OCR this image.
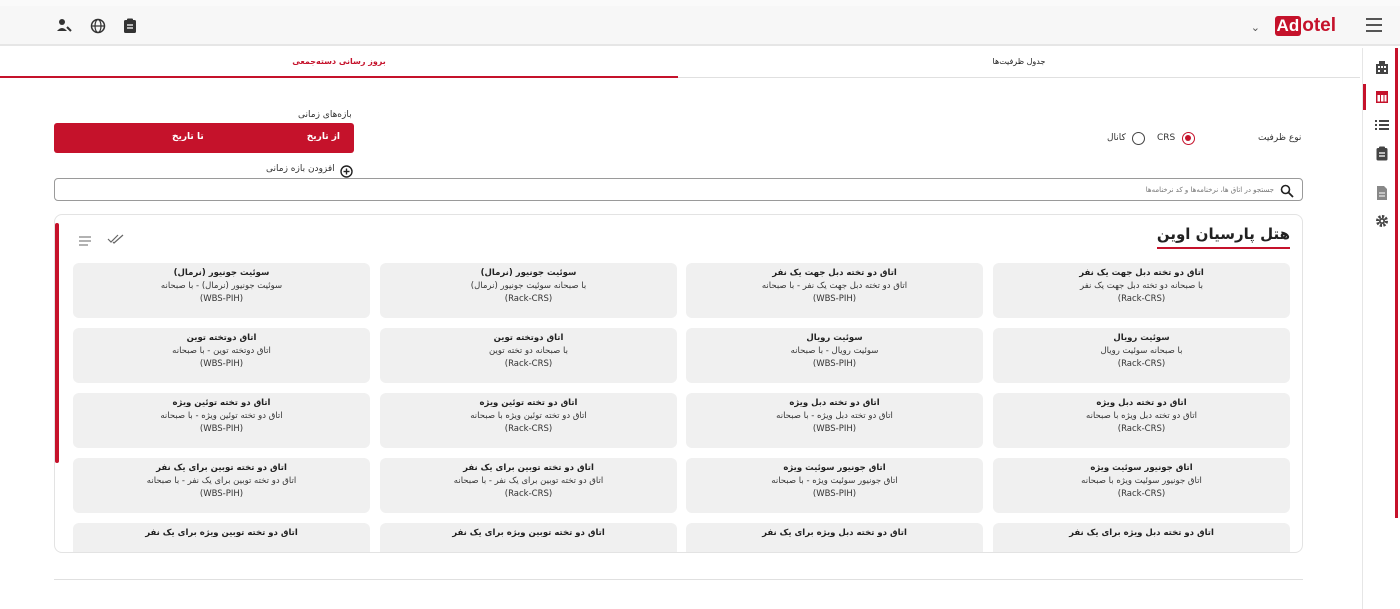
⌄ Ad otel
بروز رسانی دسته‌جمعی	جدول ظرفیت‌ها
بازه‌های زمانی
از تاریخ
تا تاریخ
افزودن بازه زمانی
نوع ظرفیت
CRS
کانال
جستجو در اتاق ها، نرخنامه‌ها و کد نرخنامه‌ها
هتل پارسیان اوین
اتاق دو تخته دبل جهت یک نفر
با صبحانه دو تخته دبل جهت یک نفر
(Rack-CRS)
اتاق دو تخته دبل جهت یک نفر
اتاق دو تخته دبل جهت یک نفر - با صبحانه
(WBS-PIH)
سوئیت جونیور (نرمال)
با صبحانه سوئیت جونیور (نرمال)
(Rack-CRS)
سوئیت جونیور (نرمال)
سوئیت جونیور (نرمال) - با صبحانه
(WBS-PIH)
سوئیت رویال
با صبحانه سوئیت رویال
(Rack-CRS)
سوئیت رویال
سوئیت رویال - با صبحانه
(WBS-PIH)
اتاق دوتخته توین
با صبحانه دو تخته توین
(Rack-CRS)
اتاق دوتخته توین
اتاق دوتخته توین - با صبحانه
(WBS-PIH)
اتاق دو تخته دبل ویژه
اتاق دو تخته دبل ویژه با صبحانه
(Rack-CRS)
اتاق دو تخته دبل ویژه
اتاق دو تخته دبل ویژه - با صبحانه
(WBS-PIH)
اتاق دو تخته توئین ویژه
اتاق دو تخته توئین ویژه با صبحانه
(Rack-CRS)
اتاق دو تخته توئین ویژه
اتاق دو تخته توئین ویژه - با صبحانه
(WBS-PIH)
اتاق جونیور سوئیت ویژه
اتاق جونیور سوئیت ویژه با صبحانه
(Rack-CRS)
اتاق جونیور سوئیت ویژه
اتاق جونیور سوئیت ویژه - با صبحانه
(WBS-PIH)
اتاق دو تخته توبین برای یک نفر
اتاق دو تخته توبین برای یک نفر - با صبحانه
(Rack-CRS)
اتاق دو تخته توبین برای یک نفر
اتاق دو تخته توبین برای یک نفر - با صبحانه
(WBS-PIH)
اتاق دو تخته دبل ویژه برای یک نفر
اتاق دو تخته دبل ویژه برای یک نفر
اتاق دو تخته توبین ویژه برای یک نفر
اتاق دو تخته توبین ویژه برای یک نفر
